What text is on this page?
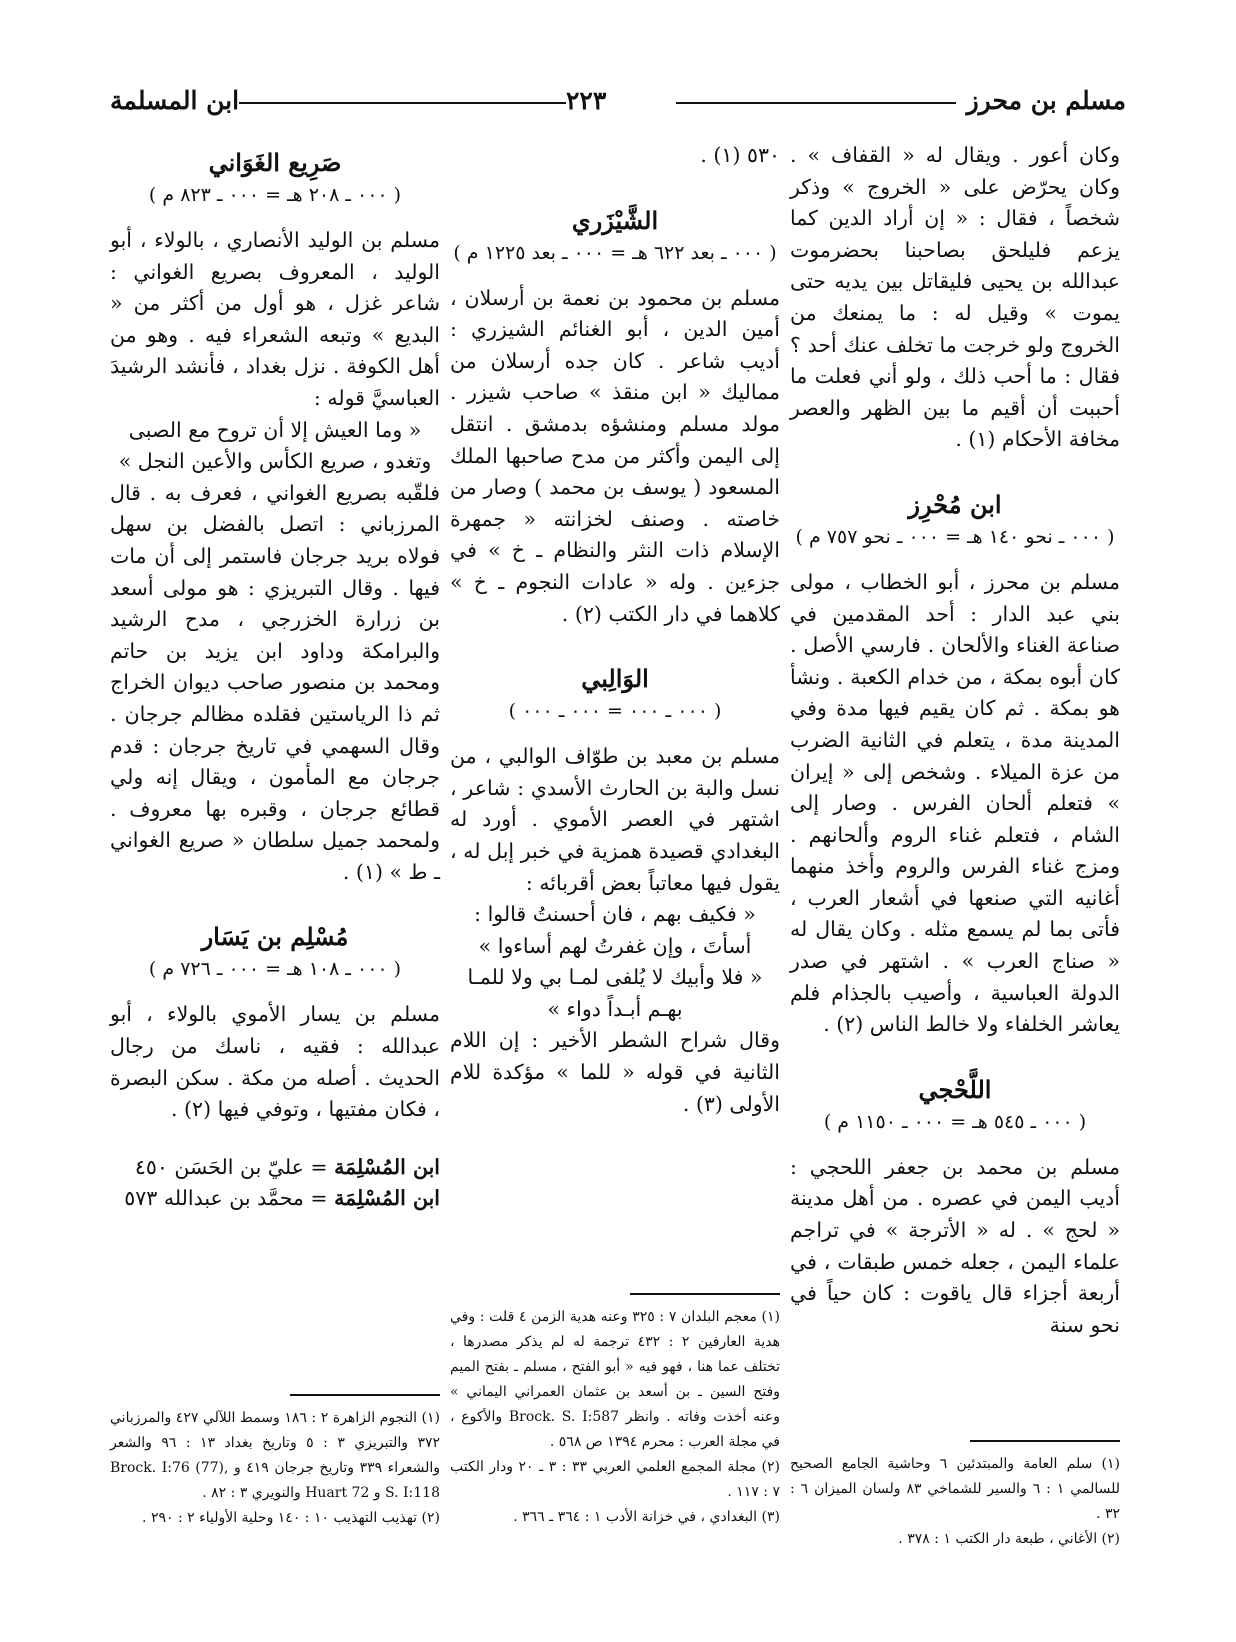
مسلم بن محرز
٢٢٣
ابن المسلمة

وكان أعور . ويقال له « القفاف » . وكان يحرّض على « الخروج » وذكر شخصاً ، فقال : « إن أراد الدين كما يزعم فليلحق بصاحبنا بحضرموت عبدالله بن يحيى فليقاتل بين يديه حتى يموت » وقيل له : ما يمنعك من الخروج ولو خرجت ما تخلف عنك أحد ؟ فقال : ما أحب ذلك ، ولو أني فعلت ما أحببت أن أقيم ما بين الظهر والعصر مخافة الأحكام (١) .

ابن مُحْرِز

( ٠٠٠ ـ نحو ١٤٠ هـ = ٠٠٠ ـ نحو ٧٥٧ م )

مسلم بن محرز ، أبو الخطاب ، مولى بني عبد الدار : أحد المقدمين في صناعة الغناء والألحان . فارسي الأصل . كان أبوه بمكة ، من خدام الكعبة . ونشأ هو بمكة . ثم كان يقيم فيها مدة وفي المدينة مدة ، يتعلم في الثانية الضرب من عزة الميلاء . وشخص إلى « إيران » فتعلم ألحان الفرس . وصار إلى الشام ، فتعلم غناء الروم وألحانهم . ومزج غناء الفرس والروم وأخذ منهما أغانيه التي صنعها في أشعار العرب ، فأتى بما لم يسمع مثله . وكان يقال له « صناج العرب » . اشتهر في صدر الدولة العباسية ، وأصيب بالجذام فلم يعاشر الخلفاء ولا خالط الناس (٢) .

اللَّحْجي

( ٠٠٠ ـ ٥٤٥ هـ = ٠٠٠ ـ ١١٥٠ م )

مسلم بن محمد بن جعفر اللحجي : أديب اليمن في عصره . من أهل مدينة « لحج » . له « الأترجة » في تراجم علماء اليمن ، جعله خمس طبقات ، في أربعة أجزاء قال ياقوت : كان حياً في نحو سنة

٥٣٠ (١) .

الشَّيْزَري

( ٠٠٠ ـ بعد ٦٢٢ هـ = ٠٠٠ ـ بعد ١٢٢٥ م )

مسلم بن محمود بن نعمة بن أرسلان ، أمين الدين ، أبو الغنائم الشيزري : أديب شاعر . كان جده أرسلان من مماليك « ابن منقذ » صاحب شيزر . مولد مسلم ومنشؤه بدمشق . انتقل إلى اليمن وأكثر من مدح صاحبها الملك المسعود ( يوسف بن محمد ) وصار من خاصته . وصنف لخزانته « جمهرة الإسلام ذات النثر والنظام ـ خ » في جزءين . وله « عادات النجوم ـ خ » كلاهما في دار الكتب (٢) .

الوَالِبي

( ٠٠٠ ـ ٠٠٠ = ٠٠٠ ـ ٠٠٠ )

مسلم بن معبد بن طوّاف الوالبي ، من نسل والبة بن الحارث الأسدي : شاعر ، اشتهر في العصر الأموي . أورد له البغدادي قصيدة همزية في خبر إبل له ، يقول فيها معاتباً بعض أقربائه :

« فكيف بهم ، فان أحسنتُ قالوا : أسأتَ ، وإن غفرتُ لهم أساءوا »

« فلا وأبيك لا يُلفى لمـا بي ولا للمـا بهـم أبـداً دواء »

وقال شراح الشطر الأخير : إن اللام الثانية في قوله « للما » مؤكدة للام الأولى (٣) .

صَرِيع الغَوَاني

( ٠٠٠ ـ ٢٠٨ هـ = ٠٠٠ ـ ٨٢٣ م )

مسلم بن الوليد الأنصاري ، بالولاء ، أبو الوليد ، المعروف بصريع الغواني : شاعر غزل ، هو أول من أكثر من « البديع » وتبعه الشعراء فيه . وهو من أهل الكوفة . نزل بغداد ، فأنشد الرشيدَ العباسيَّ قوله :

« وما العيش إلا أن تروح مع الصبى وتغدو ، صريع الكأس والأعين النجل »

فلقّبه بصريع الغواني ، فعرف به . قال المرزباني : اتصل بالفضل بن سهل فولاه بريد جرجان فاستمر إلى أن مات فيها . وقال التبريزي : هو مولى أسعد بن زرارة الخزرجي ، مدح الرشيد والبرامكة وداود ابن يزيد بن حاتم ومحمد بن منصور صاحب ديوان الخراج ثم ذا الرياستين فقلده مظالم جرجان . وقال السهمي في تاريخ جرجان : قدم جرجان مع المأمون ، ويقال إنه ولي قطائع جرجان ، وقبره بها معروف . ولمحمد جميل سلطان « صريع الغواني ـ ط » (١) .

مُسْلِم بن يَسَار

( ٠٠٠ ـ ١٠٨ هـ = ٠٠٠ ـ ٧٢٦ م )

مسلم بن يسار الأموي بالولاء ، أبو عبدالله : فقيه ، ناسك من رجال الحديث . أصله من مكة . سكن البصرة ، فكان مفتيها ، وتوفي فيها (٢) .

ابن المُسْلِمَة = عليّ بن الحَسَن ٤٥٠

ابن المُسْلِمَة = محمَّد بن عبدالله ٥٧٣

(١) سلم العامة والمبتدئين ٦ وحاشية الجامع الصحيح للسالمي ١ : ٦ والسير للشماخي ٨٣ ولسان الميزان ٦ : ٣٢ .

(٢) الأغاني ، طبعة دار الكتب ١ : ٣٧٨ .

(١) معجم البلدان ٧ : ٣٢٥ وعنه هدية الزمن ٤ قلت : وفي هدية العارفين ٢ : ٤٣٢ ترجمة له لم يذكر مصدرها ، تختلف عما هنا ، فهو فيه « أبو الفتح ، مسلم ـ بفتح الميم وفتح السين ـ بن أسعد بن عثمان العمراني اليماني » وعنه أخذت وفاته . وانظر Brock. S. I:587 والأكوع ، في مجلة العرب : محرم ١٣٩٤ ص ٥٦٨ .

(٢) مجلة المجمع العلمي العربي ٣٣ : ٣ ـ ٢٠ ودار الكتب ٧ : ١١٧ .

(٣) البغدادي ، في خزانة الأدب ١ : ٣٦٤ ـ ٣٦٦ .

(١) النجوم الزاهرة ٢ : ١٨٦ وسمط اللآلي ٤٢٧ والمرزباني ٣٧٢ والتبريزي ٣ : ٥ وتاريخ بغداد ١٣ : ٩٦ والشعر والشعراء ٣٣٩ وتاريخ جرجان ٤١٩ و Brock. I:76 (77), S. I:118 و Huart 72 والنويري ٣ : ٨٢ .

(٢) تهذيب التهذيب ١٠ : ١٤٠ وحلية الأولياء ٢ : ٢٩٠ .
